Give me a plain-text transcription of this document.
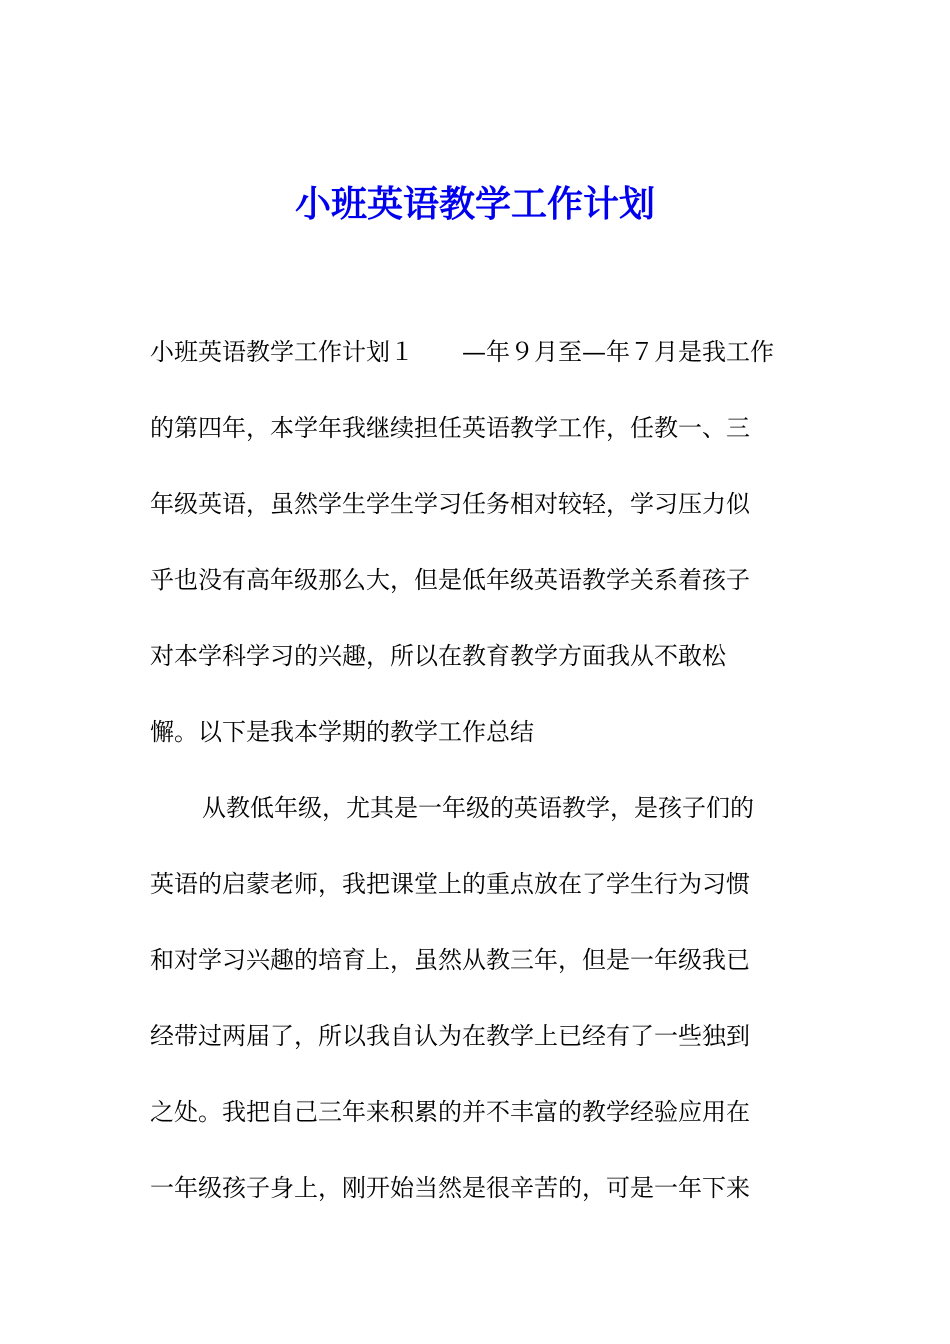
小班英语教学工作计划
小班英语教学工作计划１　　—年９月至—年７月是我工作
的第四年，本学年我继续担任英语教学工作，任教一、三
年级英语，虽然学生学生学习任务相对较轻，学习压力似
乎也没有高年级那么大，但是低年级英语教学关系着孩子
对本学科学习的兴趣，所以在教育教学方面我从不敢松
懈。以下是我本学期的教学工作总结
从教低年级，尤其是一年级的英语教学，是孩子们的
英语的启蒙老师，我把课堂上的重点放在了学生行为习惯
和对学习兴趣的培育上，虽然从教三年，但是一年级我已
经带过两届了，所以我自认为在教学上已经有了一些独到
之处。我把自己三年来积累的并不丰富的教学经验应用在
一年级孩子身上，刚开始当然是很辛苦的，可是一年下来
